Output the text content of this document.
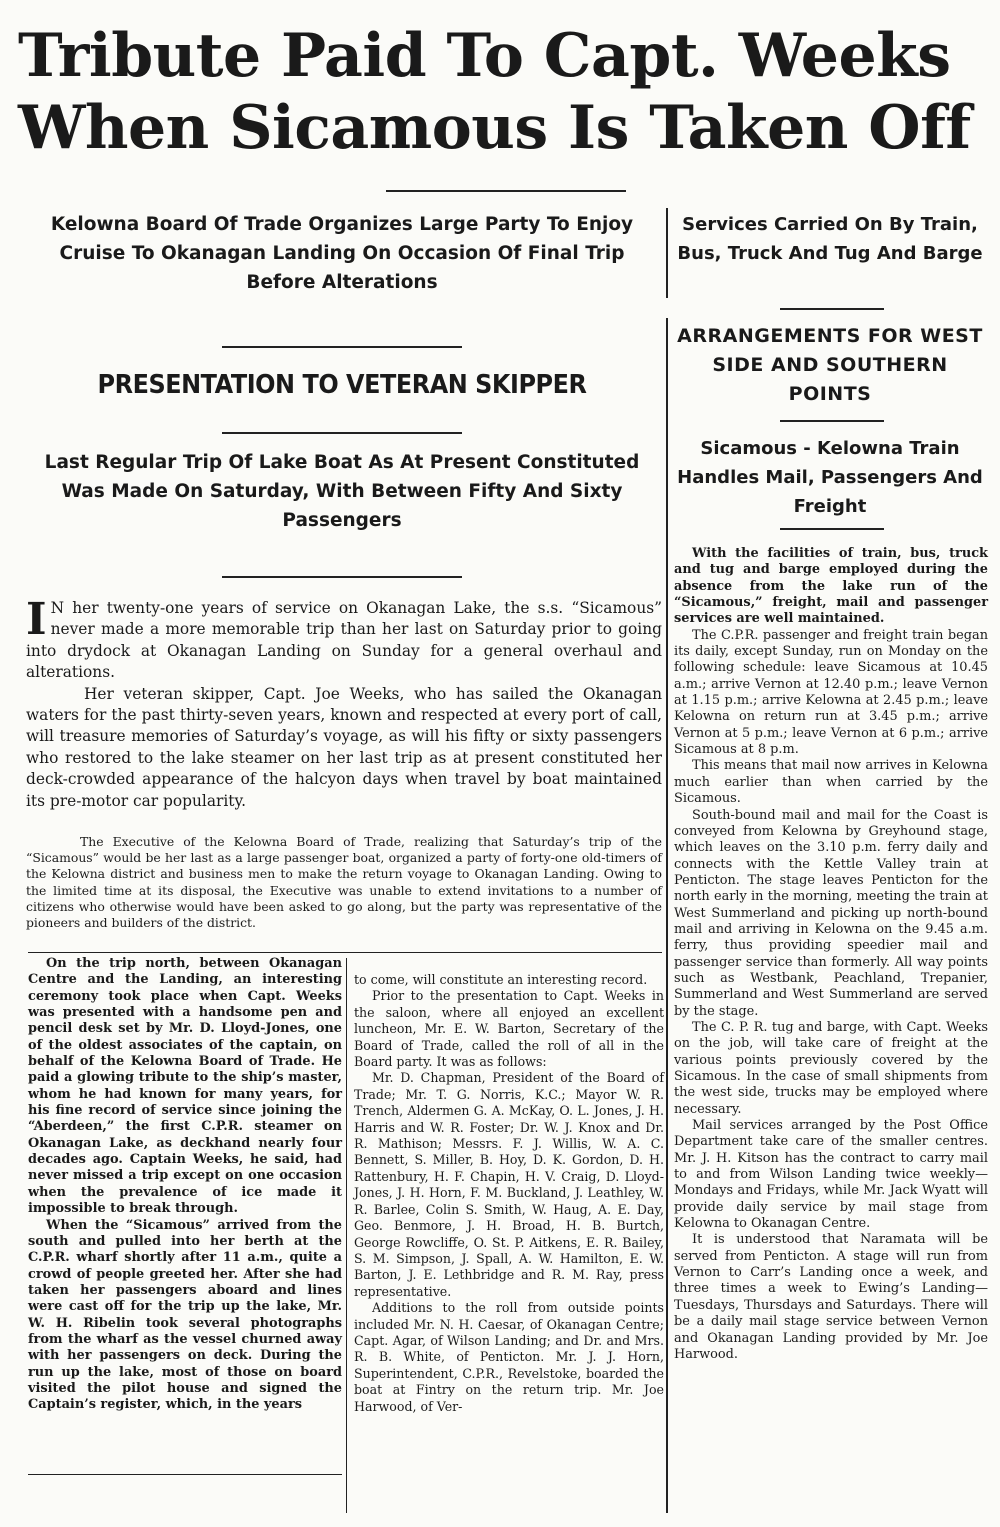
Tribute Paid To Capt. Weeks
When Sicamous Is Taken Off

Kelowna Board Of Trade Organizes Large Party To Enjoy Cruise To Okanagan Landing On Occasion Of Final Trip Before Alterations

PRESENTATION TO VETERAN SKIPPER

Last Regular Trip Of Lake Boat As At Present Constituted Was Made On Saturday, With Between Fifty And Sixty Passengers

Services Carried On By Train, Bus, Truck And Tug And Barge

ARRANGEMENTS FOR WEST SIDE AND SOUTHERN POINTS

Sicamous - Kelowna Train Handles Mail, Passengers And Freight

I N her twenty-one years of service on Okanagan Lake, the s.s. “Sicamous” never made a more memorable trip than her last on Saturday prior to going into drydock at Okanagan Landing on Sunday for a general overhaul and alterations.

Her veteran skipper, Capt. Joe Weeks, who has sailed the Okanagan waters for the past thirty-seven years, known and respected at every port of call, will treasure memories of Saturday’s voyage, as will his fifty or sixty passengers who restored to the lake steamer on her last trip as at present constituted her deck-crowded appearance of the halcyon days when travel by boat maintained its pre-motor car popularity.

The Executive of the Kelowna Board of Trade, realizing that Saturday’s trip of the “Sicamous” would be her last as a large passenger boat, organized a party of forty-one old-timers of the Kelowna district and business men to make the return voyage to Okanagan Landing. Owing to the limited time at its disposal, the Executive was unable to extend invitations to a number of citizens who otherwise would have been asked to go along, but the party was representative of the pioneers and builders of the district.

On the trip north, between Okanagan Centre and the Landing, an interesting ceremony took place when Capt. Weeks was presented with a handsome pen and pencil desk set by Mr. D. Lloyd-Jones, one of the oldest associates of the captain, on behalf of the Kelowna Board of Trade. He paid a glowing tribute to the ship’s master, whom he had known for many years, for his fine record of service since joining the “Aberdeen,” the first C.P.R. steamer on Okanagan Lake, as deckhand nearly four decades ago. Captain Weeks, he said, had never missed a trip except on one occasion when the prevalence of ice made it impossible to break through.

When the “Sicamous” arrived from the south and pulled into her berth at the C.P.R. wharf shortly after 11 a.m., quite a crowd of people greeted her. After she had taken her passengers aboard and lines were cast off for the trip up the lake, Mr. W. H. Ribelin took several photographs from the wharf as the vessel churned away with her passengers on deck. During the run up the lake, most of those on board visited the pilot house and signed the Captain’s register, which, in the years

to come, will constitute an interesting record.

Prior to the presentation to Capt. Weeks in the saloon, where all enjoyed an excellent luncheon, Mr. E. W. Barton, Secretary of the Board of Trade, called the roll of all in the Board party. It was as follows:

Mr. D. Chapman, President of the Board of Trade; Mr. T. G. Norris, K.C.; Mayor W. R. Trench, Aldermen G. A. McKay, O. L. Jones, J. H. Harris and W. R. Foster; Dr. W. J. Knox and Dr. R. Mathison; Messrs. F. J. Willis, W. A. C. Bennett, S. Miller, B. Hoy, D. K. Gordon, D. H. Rattenbury, H. F. Chapin, H. V. Craig, D. Lloyd-Jones, J. H. Horn, F. M. Buckland, J. Leathley, W. R. Barlee, Colin S. Smith, W. Haug, A. E. Day, Geo. Benmore, J. H. Broad, H. B. Burtch, George Rowcliffe, O. St. P. Aitkens, E. R. Bailey, S. M. Simpson, J. Spall, A. W. Hamilton, E. W. Barton, J. E. Lethbridge and R. M. Ray, press representative.

Additions to the roll from outside points included Mr. N. H. Caesar, of Okanagan Centre; Capt. Agar, of Wilson Landing; and Dr. and Mrs. R. B. White, of Penticton. Mr. J. J. Horn, Superintendent, C.P.R., Revelstoke, boarded the boat at Fintry on the return trip. Mr. Joe Harwood, of Ver-

With the facilities of train, bus, truck and tug and barge employed during the absence from the lake run of the “Sicamous,” freight, mail and passenger services are well maintained.

The C.P.R. passenger and freight train began its daily, except Sunday, run on Monday on the following schedule: leave Sicamous at 10.45 a.m.; arrive Vernon at 12.40 p.m.; leave Vernon at 1.15 p.m.; arrive Kelowna at 2.45 p.m.; leave Kelowna on return run at 3.45 p.m.; arrive Vernon at 5 p.m.; leave Vernon at 6 p.m.; arrive Sicamous at 8 p.m.

This means that mail now arrives in Kelowna much earlier than when carried by the Sicamous.

South-bound mail and mail for the Coast is conveyed from Kelowna by Greyhound stage, which leaves on the 3.10 p.m. ferry daily and connects with the Kettle Valley train at Penticton. The stage leaves Penticton for the north early in the morning, meeting the train at West Summerland and picking up north-bound mail and arriving in Kelowna on the 9.45 a.m. ferry, thus providing speedier mail and passenger service than formerly. All way points such as Westbank, Peachland, Trepanier, Summerland and West Summerland are served by the stage.

The C. P. R. tug and barge, with Capt. Weeks on the job, will take care of freight at the various points previously covered by the Sicamous. In the case of small shipments from the west side, trucks may be employed where necessary.

Mail services arranged by the Post Office Department take care of the smaller centres. Mr. J. H. Kitson has the contract to carry mail to and from Wilson Landing twice weekly—Mondays and Fridays, while Mr. Jack Wyatt will provide daily service by mail stage from Kelowna to Okanagan Centre.

It is understood that Naramata will be served from Penticton. A stage will run from Vernon to Carr’s Landing once a week, and three times a week to Ewing’s Landing—Tuesdays, Thursdays and Saturdays. There will be a daily mail stage service between Vernon and Okanagan Landing provided by Mr. Joe Harwood.
